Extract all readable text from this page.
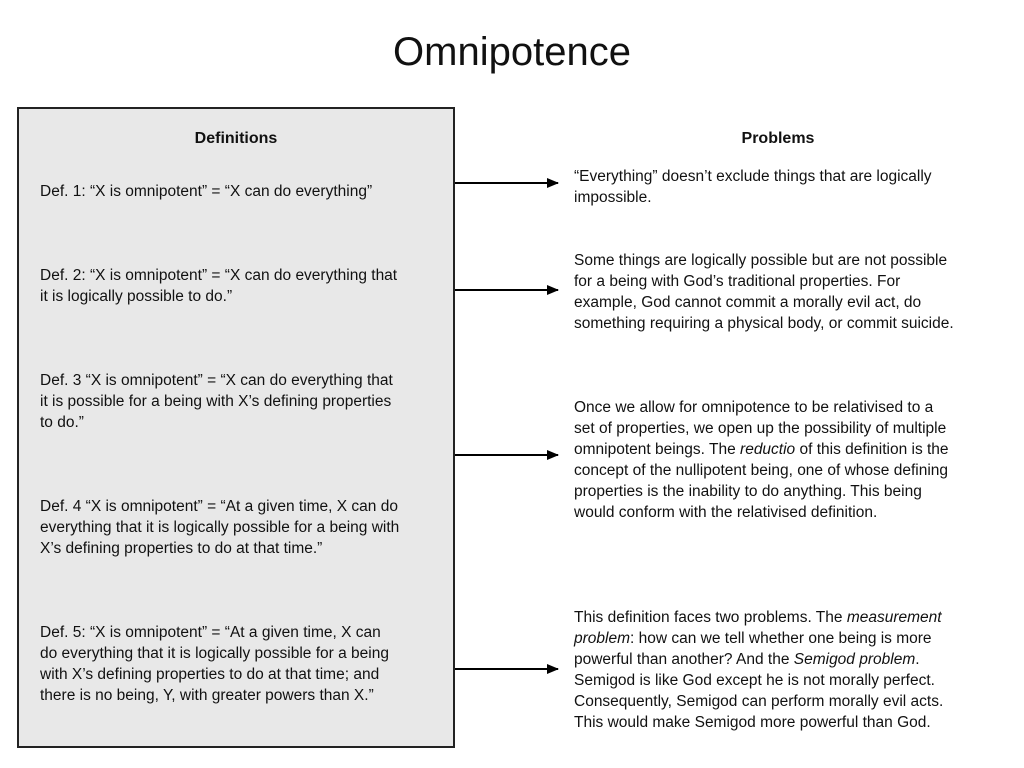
Omnipotence
Definitions	Problems
Def. 1: “X is omnipotent” = “X can do everything”
Def. 2: “X is omnipotent” = “X can do everything that
it is logically possible to do.”
Def. 3 “X is omnipotent” = “X can do everything that
it is possible for a being with X’s defining properties
to do.”
Def. 4 “X is omnipotent” = “At a given time, X can do
everything that it is logically possible for a being with
X’s defining properties to do at that time.”
Def. 5: “X is omnipotent” = “At a given time, X can
do everything that it is logically possible for a being
with X’s defining properties to do at that time; and
there is no being, Y, with greater powers than X.”
“Everything” doesn’t exclude things that are logically
impossible.
Some things are logically possible but are not possible
for a being with God’s traditional properties. For
example, God cannot commit a morally evil act, do
something requiring a physical body, or commit suicide.
Once we allow for omnipotence to be relativised to a
set of properties, we open up the possibility of multiple
omnipotent beings. The reductio of this definition is the
concept of the nullipotent being, one of whose defining
properties is the inability to do anything. This being
would conform with the relativised definition.
This definition faces two problems. The measurement
problem: how can we tell whether one being is more
powerful than another? And the Semigod problem.
Semigod is like God except he is not morally perfect.
Consequently, Semigod can perform morally evil acts.
This would make Semigod more powerful than God.
